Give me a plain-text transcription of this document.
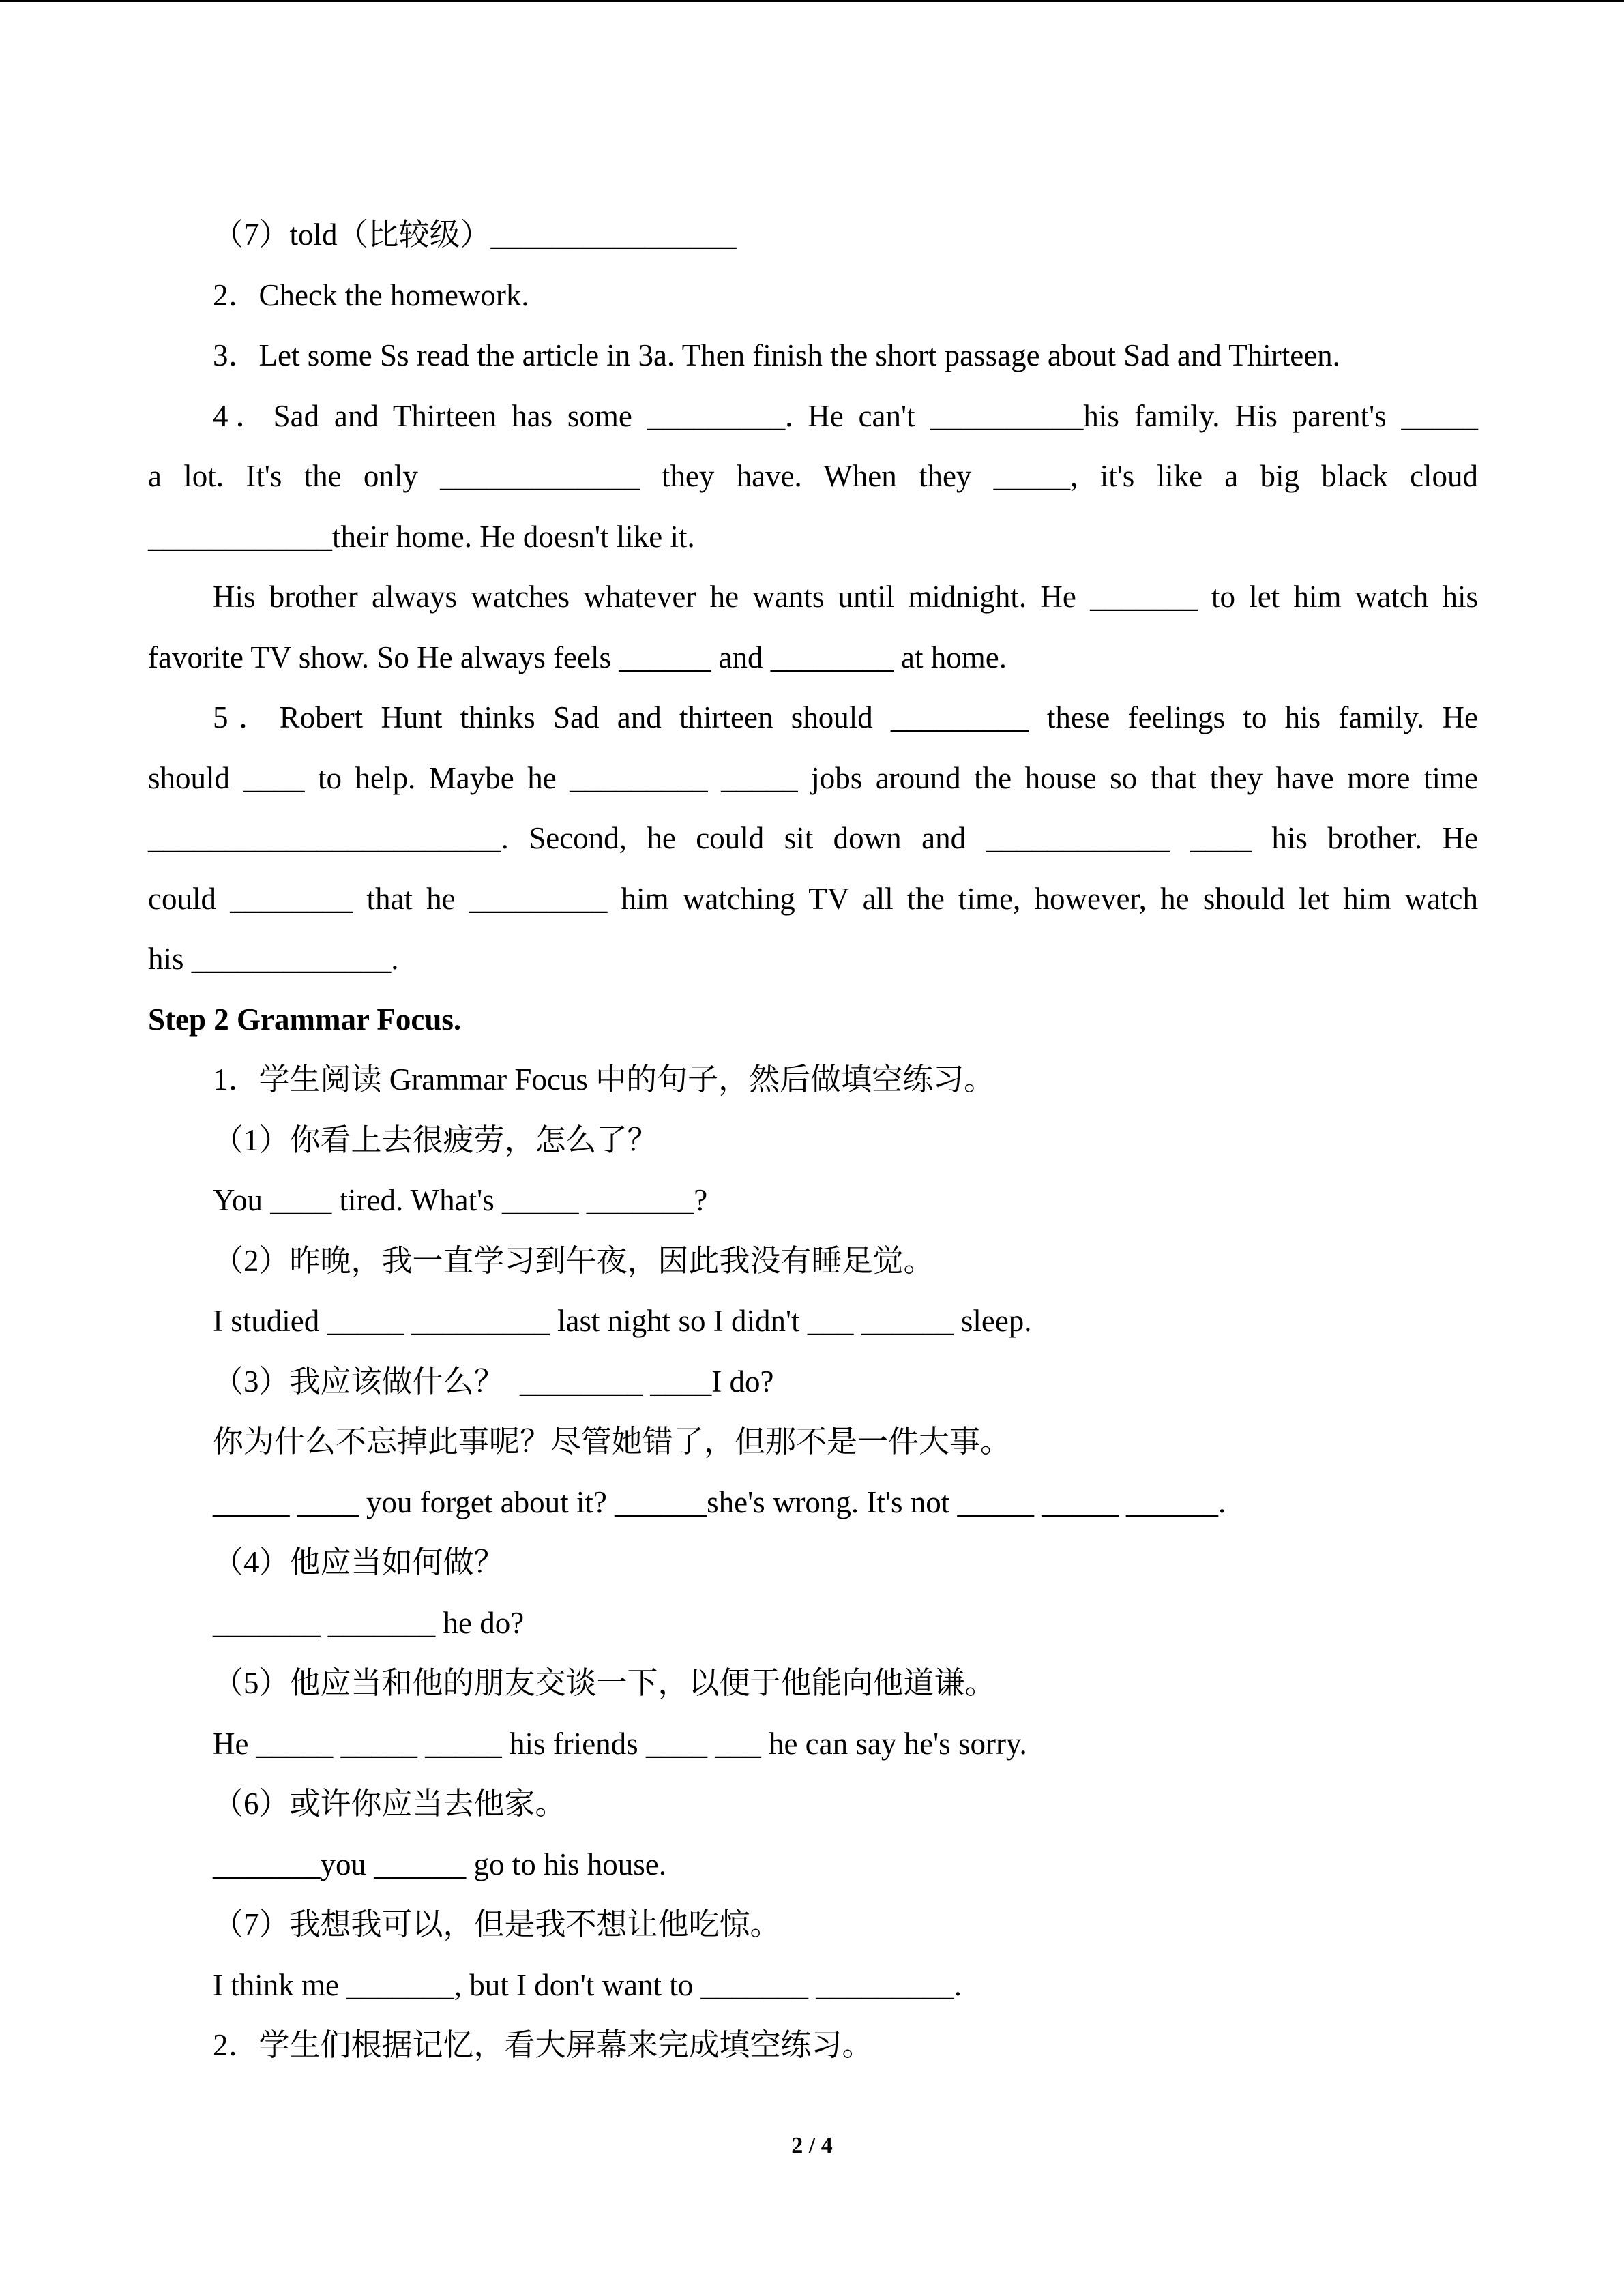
（7）told（比较级）________________
2．Check the homework.
3．Let some Ss read the article in 3a. Then finish the short passage about Sad and Thirteen.
4．Sad and Thirteen has some _________. He can't __________his family. His parent's _____
a lot. It's the only _____________ they have. When they _____, it's like a big black cloud
____________their home. He doesn't like it.
His brother always watches whatever he wants until midnight. He _______ to let him watch his
favorite TV show. So He always feels ______ and ________ at home.
5．Robert Hunt thinks Sad and thirteen should _________ these feelings to his family. He
should ____ to help. Maybe he _________ _____ jobs around the house so that they have more time
_______________________. Second, he could sit down and ____________ ____ his brother. He
could ________ that he _________ him watching TV all the time, however, he should let him watch
his _____________.
Step 2 Grammar Focus.
1．学生阅读 Grammar Focus 中的句子，然后做填空练习。
（1）你看上去很疲劳，怎么了？
You ____ tired. What's _____ _______?
（2）昨晚，我一直学习到午夜，因此我没有睡足觉。
I studied _____ _________ last night so I didn't ___ ______ sleep.
（3）我应该做什么？  ________ ____I do?
你为什么不忘掉此事呢？尽管她错了，但那不是一件大事。
_____ ____ you forget about it? ______she's wrong. It's not _____ _____ ______.
（4）他应当如何做？
_______ _______ he do?
（5）他应当和他的朋友交谈一下，以便于他能向他道谦。
He _____ _____ _____ his friends ____ ___ he can say he's sorry.
（6）或许你应当去他家。
_______you ______ go to his house.
（7）我想我可以，但是我不想让他吃惊。
I think me _______, but I don't want to _______ _________.
2．学生们根据记忆，看大屏幕来完成填空练习。
2 / 4
